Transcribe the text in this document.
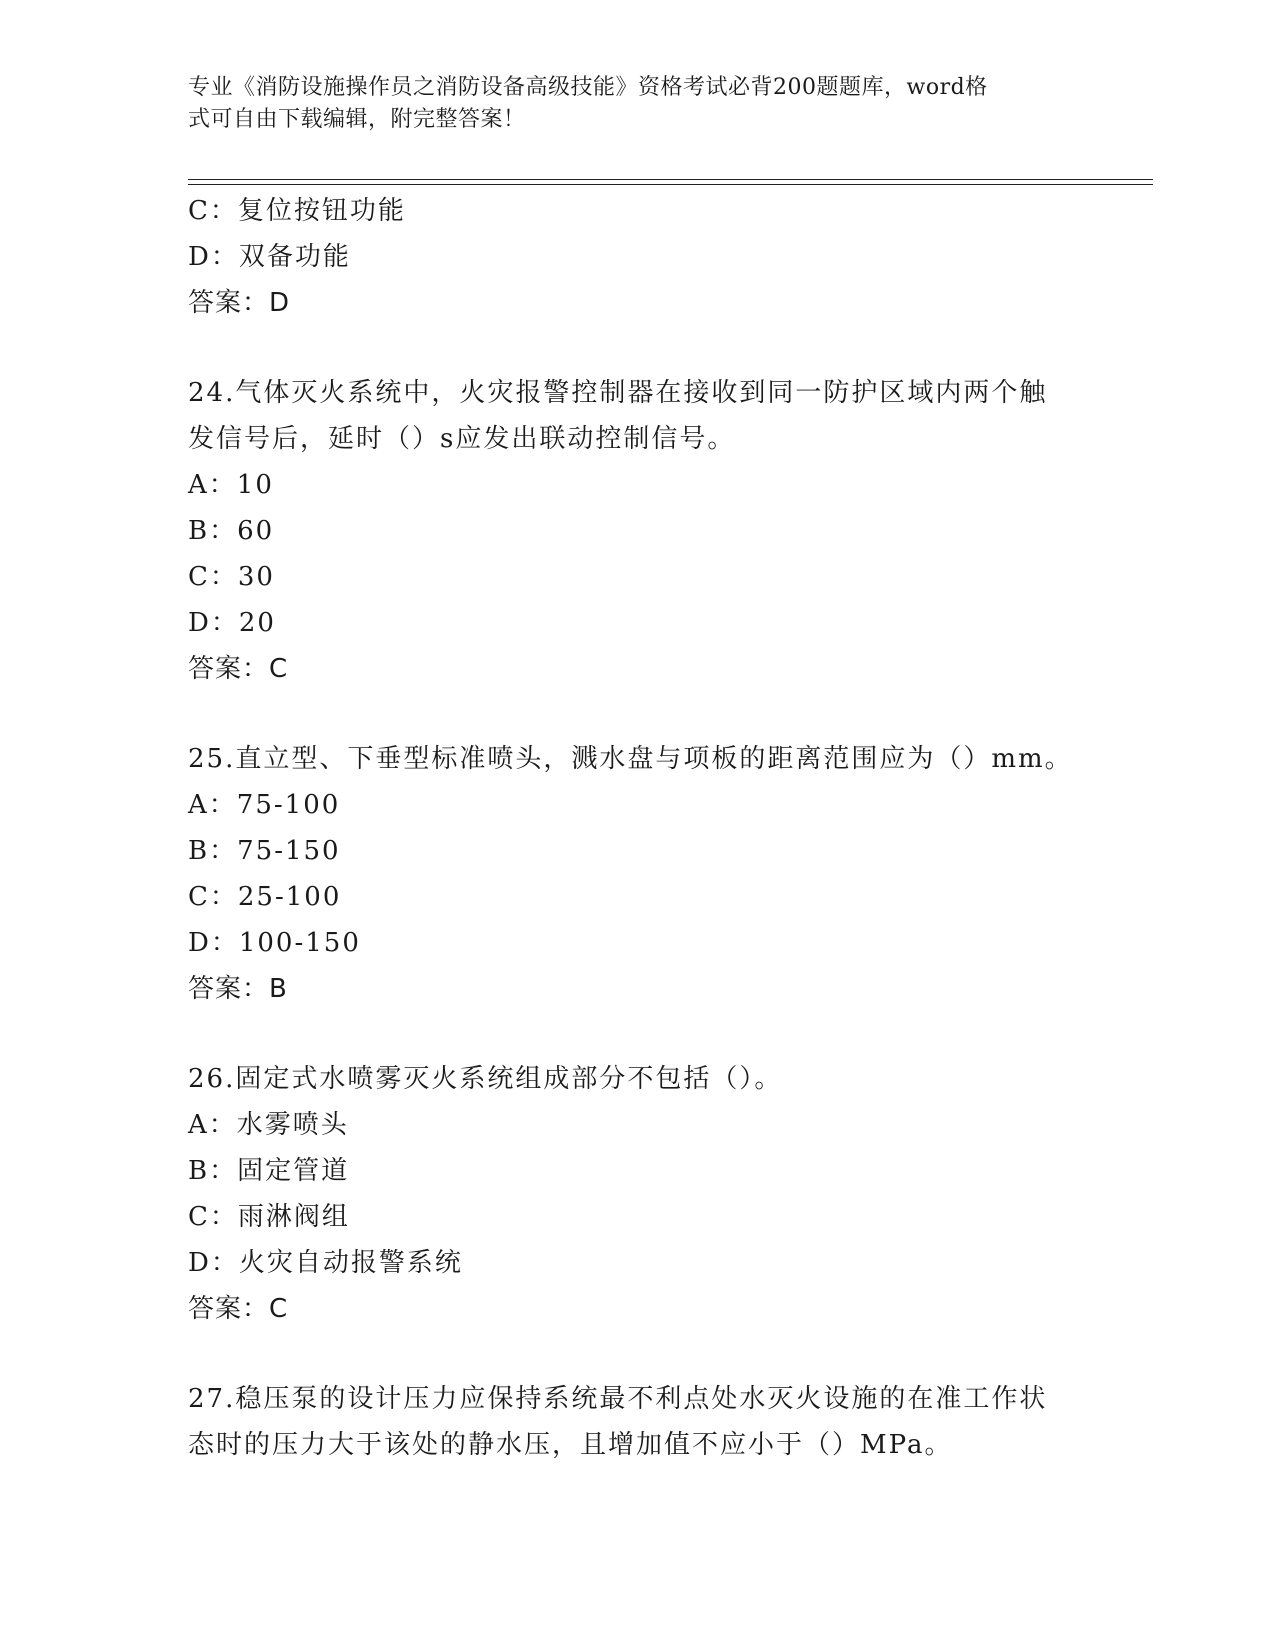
专业《消防设施操作员之消防设备高级技能》资格考试必背200题题库，word格
式可自由下载编辑，附完整答案！
C：复位按钮功能
D：双备功能
答案：D
24.气体灭火系统中，火灾报警控制器在接收到同一防护区域内两个触
发信号后，延时（）s应发出联动控制信号。
A：10
B：60
C：30
D：20
答案：C
25.直立型、下垂型标准喷头，溅水盘与项板的距离范围应为（）mm。
A：75-100
B：75-150
C：25-100
D：100-150
答案：B
26.固定式水喷雾灭火系统组成部分不包括（）。
A：水雾喷头
B：固定管道
C：雨淋阀组
D：火灾自动报警系统
答案：C
27.稳压泵的设计压力应保持系统最不利点处水灭火设施的在准工作状
态时的压力大于该处的静水压，且增加值不应小于（）MPa。
